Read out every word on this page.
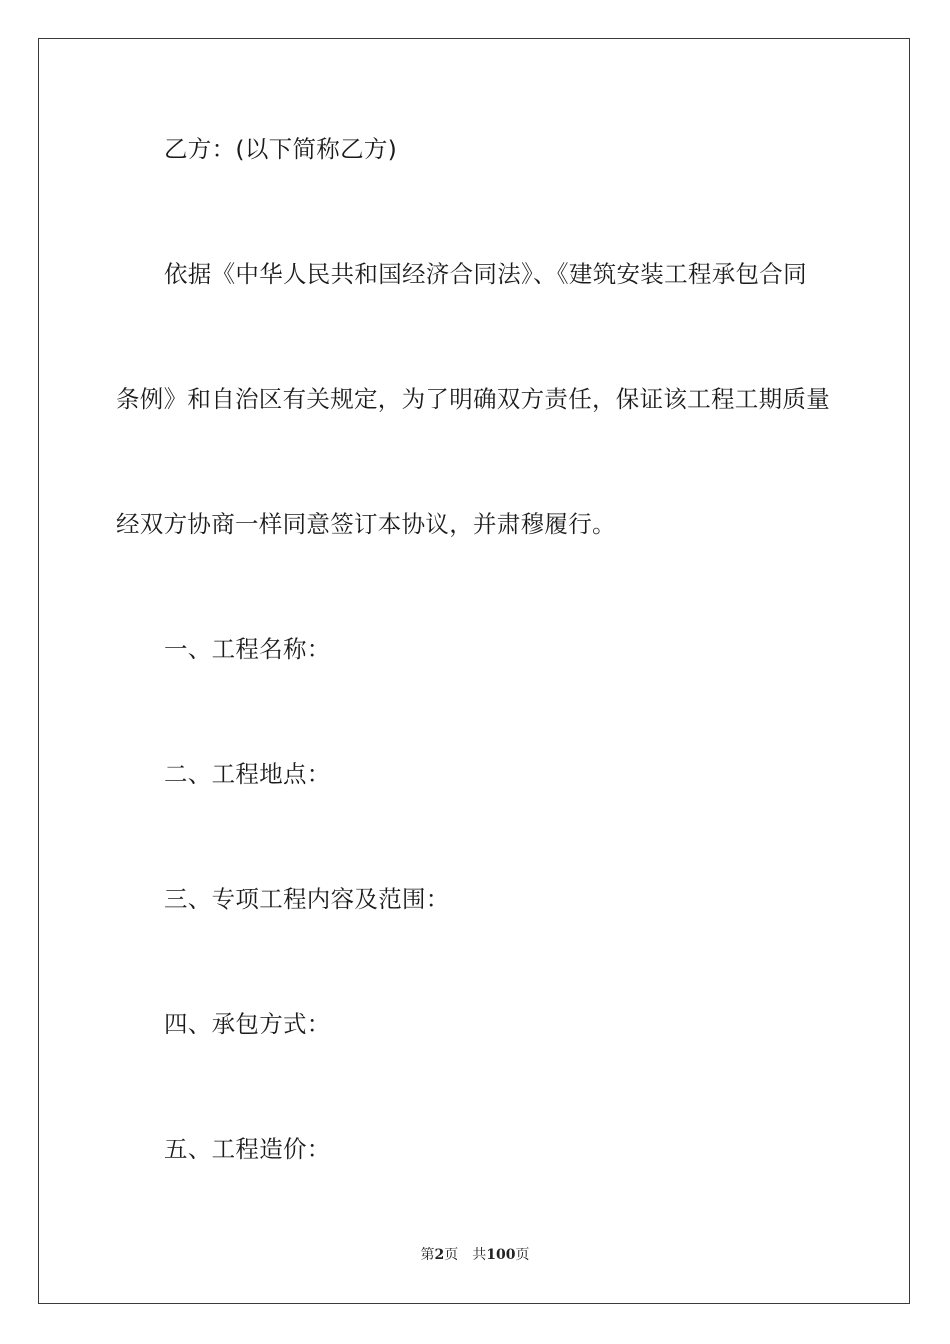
乙方：(以下简称乙方)
依据《中华人民共和国经济合同法》、《建筑安装工程承包合同
条例》和自治区有关规定，为了明确双方责任，保证该工程工期质量
经双方协商一样同意签订本协议，并肃穆履行。
一、工程名称：
二、工程地点：
三、专项工程内容及范围：
四、承包方式：
五、工程造价：
第2页 共100页
